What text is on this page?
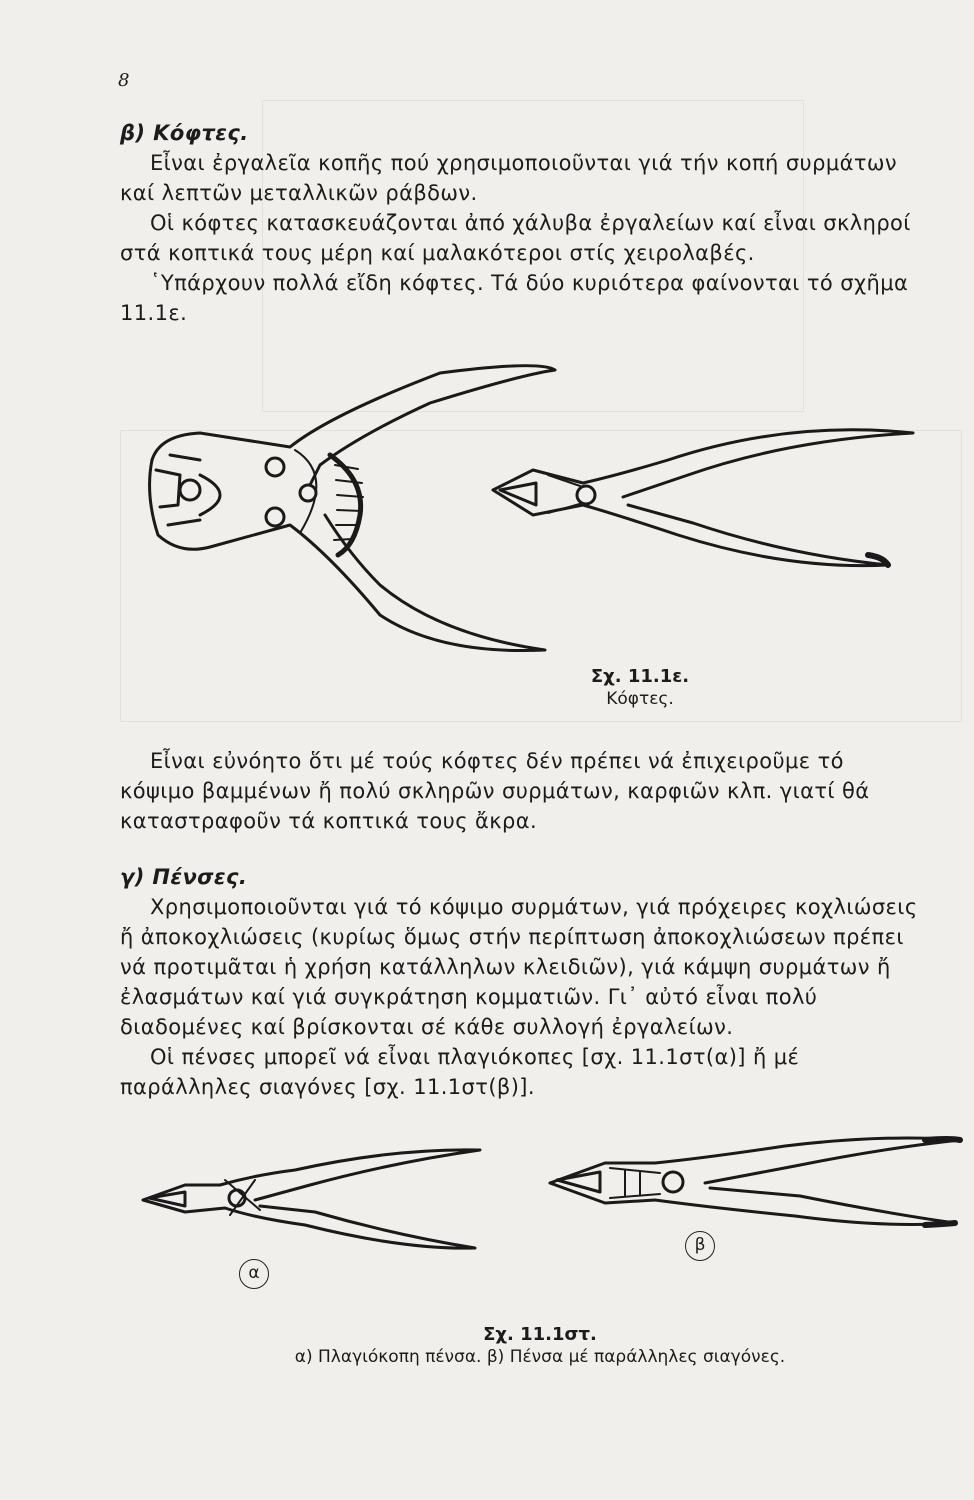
8

β) Κόφτες.

Εἶναι ἐργαλεῖα κοπῆς πού χρησιμοποιοῦνται γιά τήν κοπή συρμάτων καί λεπτῶν μεταλλικῶν ράβδων.

Οἱ κόφτες κατασκευάζονται ἀπό χάλυβα ἐργαλείων καί εἶναι σκληροί στά κοπτικά τους μέρη καί μαλακότεροι στίς χειρολαβές.

῾Υπάρχουν πολλά εἴδη κόφτες. Τά δύο κυριότερα φαίνονται τό σχῆμα 11.1ε.

Σχ. 11.1ε.
Κόφτες.

Εἶναι εὐνόητο ὅτι μέ τούς κόφτες δέν πρέπει νά ἐπιχειροῦμε τό κόψιμο βαμμένων ἤ πολύ σκληρῶν συρμάτων, καρφιῶν κλπ. γιατί θά καταστραφοῦν τά κοπτικά τους ἄκρα.

γ) Πένσες.

Χρησιμοποιοῦνται γιά τό κόψιμο συρμάτων, γιά πρόχειρες κοχλιώσεις ἤ ἀποκοχλιώσεις (κυρίως ὅμως στήν περίπτωση ἀποκοχλιώσεων πρέπει νά προτιμᾶται ἡ χρήση κατάλληλων κλειδιῶν), γιά κάμψη συρμάτων ἤ ἐλασμάτων καί γιά συγκράτηση κομματιῶν. Γι᾿ αὐτό εἶναι πολύ διαδομένες καί βρίσκονται σέ κάθε συλλογή ἐργαλείων.

Οἱ πένσες μπορεῖ νά εἶναι πλαγιόκοπες [σχ. 11.1στ(α)] ἤ μέ παράλληλες σιαγόνες [σχ. 11.1στ(β)].

α
β
Σχ. 11.1στ.
α) Πλαγιόκοπη πένσα. β) Πένσα μέ παράλληλες σιαγόνες.
